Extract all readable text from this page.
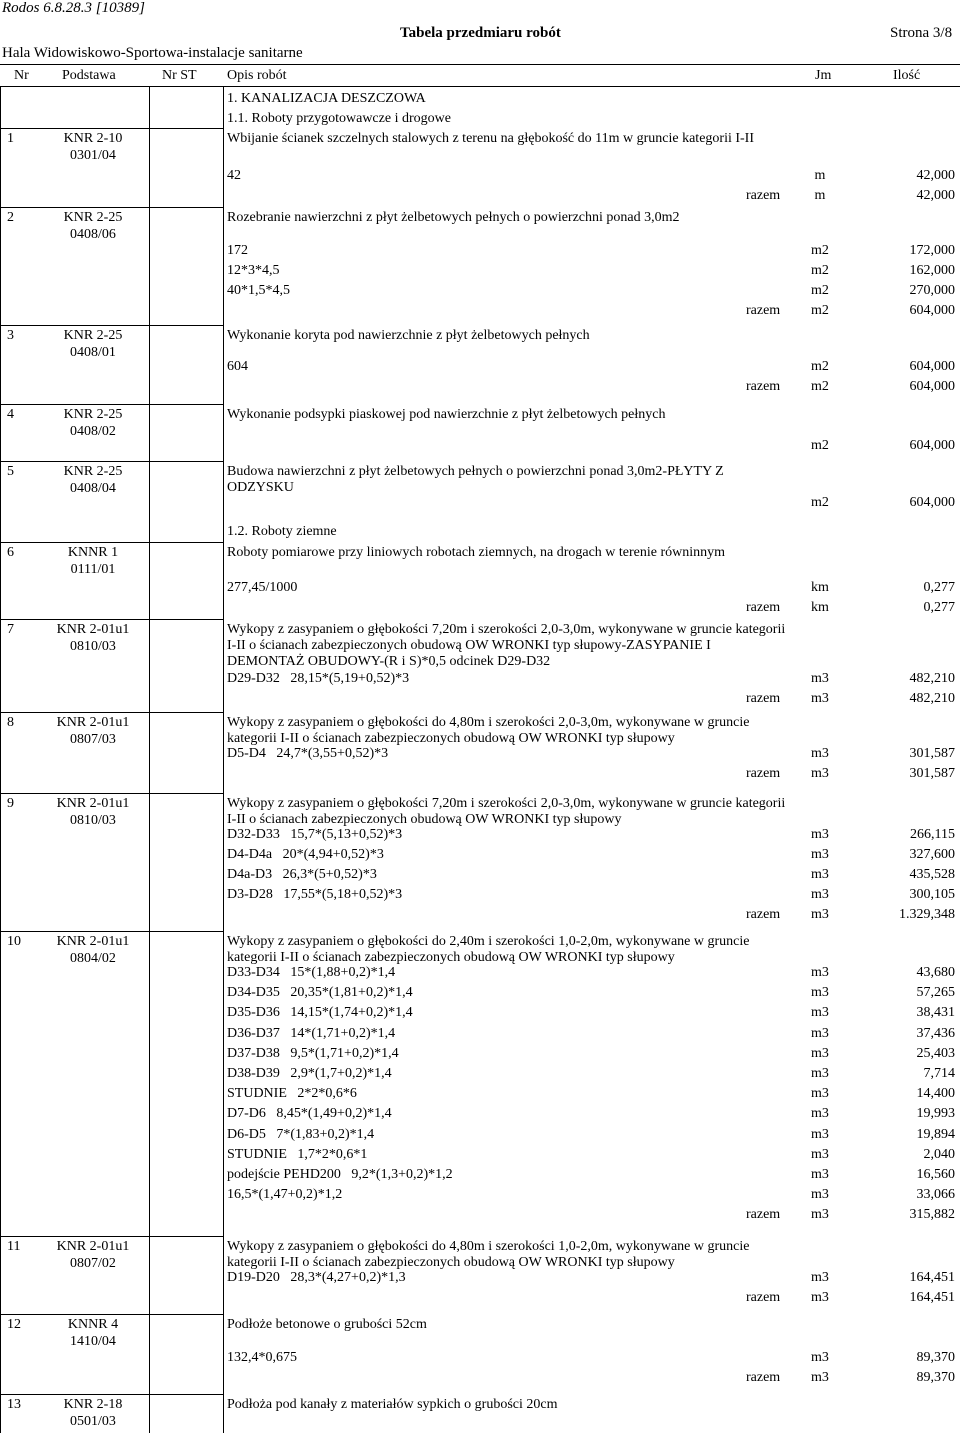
Rodos 6.8.28.3 [10389]
Tabela przedmiaru robót	Strona 3/8
Hala Widowiskowo-Sportowa-instalacje sanitarne
Nr Podstawa	Nr ST Opis robót	Jm	Ilość
1. KANALIZACJA DESZCZOWA
1.1. Roboty przygotowawcze i drogowe
1.2. Roboty ziemne
1	KNR 2-10
0301/04
Wbijanie ścianek szczelnych stalowych z terenu na głębokość do 11m w gruncie kategorii I-II
42	m	42,000
razem	m	42,000
2	KNR 2-25
0408/06
Rozebranie nawierzchni z płyt żelbetowych pełnych o powierzchni ponad 3,0m2
172	m2	172,000
12*3*4,5	m2	162,000
40*1,5*4,5	m2	270,000
razem	m2	604,000
3	KNR 2-25
0408/01
Wykonanie koryta pod nawierzchnie z płyt żelbetowych pełnych
604	m2	604,000
razem	m2	604,000
4	KNR 2-25
0408/02
Wykonanie podsypki piaskowej pod nawierzchnie z płyt żelbetowych pełnych
m2	604,000
5	KNR 2-25
0408/04
Budowa nawierzchni z płyt żelbetowych pełnych o powierzchni ponad 3,0m2-PŁYTY Z ODZYSKU
m2	604,000
6	KNNR 1
0111/01
Roboty pomiarowe przy liniowych robotach ziemnych, na drogach w terenie równinnym
277,45/1000	km	0,277
razem	km	0,277
7	KNR 2-01u1
0810/03
Wykopy z zasypaniem o głębokości 7,20m i szerokości 2,0-3,0m, wykonywane w gruncie kategorii I-II o ścianach zabezpieczonych obudową OW WRONKI typ słupowy-ZASYPANIE I DEMONTAŻ OBUDOWY-(R i S)*0,5 odcinek D29-D32
D29-D32   28,15*(5,19+0,52)*3	m3	482,210
razem	m3	482,210
8	KNR 2-01u1
0807/03
Wykopy z zasypaniem o głębokości do 4,80m i szerokości 2,0-3,0m, wykonywane w gruncie kategorii I-II o ścianach zabezpieczonych obudową OW WRONKI typ słupowy
D5-D4   24,7*(3,55+0,52)*3	m3	301,587
razem	m3	301,587
9	KNR 2-01u1
0810/03
Wykopy z zasypaniem o głębokości 7,20m i szerokości 2,0-3,0m, wykonywane w gruncie kategorii I-II o ścianach zabezpieczonych obudową OW WRONKI typ słupowy
D32-D33   15,7*(5,13+0,52)*3	m3	266,115
D4-D4a   20*(4,94+0,52)*3	m3	327,600
D4a-D3   26,3*(5+0,52)*3	m3	435,528
D3-D28   17,55*(5,18+0,52)*3	m3	300,105
razem	m3	1.329,348
10	KNR 2-01u1
0804/02
Wykopy z zasypaniem o głębokości do 2,40m i szerokości 1,0-2,0m, wykonywane w gruncie kategorii I-II o ścianach zabezpieczonych obudową OW WRONKI typ słupowy
D33-D34   15*(1,88+0,2)*1,4	m3	43,680
D34-D35   20,35*(1,81+0,2)*1,4	m3	57,265
D35-D36   14,15*(1,74+0,2)*1,4	m3	38,431
D36-D37   14*(1,71+0,2)*1,4	m3	37,436
D37-D38   9,5*(1,71+0,2)*1,4	m3	25,403
D38-D39   2,9*(1,7+0,2)*1,4	m3	7,714
STUDNIE   2*2*0,6*6	m3	14,400
D7-D6   8,45*(1,49+0,2)*1,4	m3	19,993
D6-D5   7*(1,83+0,2)*1,4	m3	19,894
STUDNIE   1,7*2*0,6*1	m3	2,040
podejście PEHD200   9,2*(1,3+0,2)*1,2	m3	16,560
16,5*(1,47+0,2)*1,2	m3	33,066
razem	m3	315,882
11	KNR 2-01u1
0807/02
Wykopy z zasypaniem o głębokości do 4,80m i szerokości 1,0-2,0m, wykonywane w gruncie kategorii I-II o ścianach zabezpieczonych obudową OW WRONKI typ słupowy
D19-D20   28,3*(4,27+0,2)*1,3	m3	164,451
razem	m3	164,451
12	KNNR 4
1410/04
Podłoże betonowe o grubości 52cm
132,4*0,675	m3	89,370
razem	m3	89,370
13	KNR 2-18
0501/03
Podłoża pod kanały z materiałów sypkich o grubości 20cm
